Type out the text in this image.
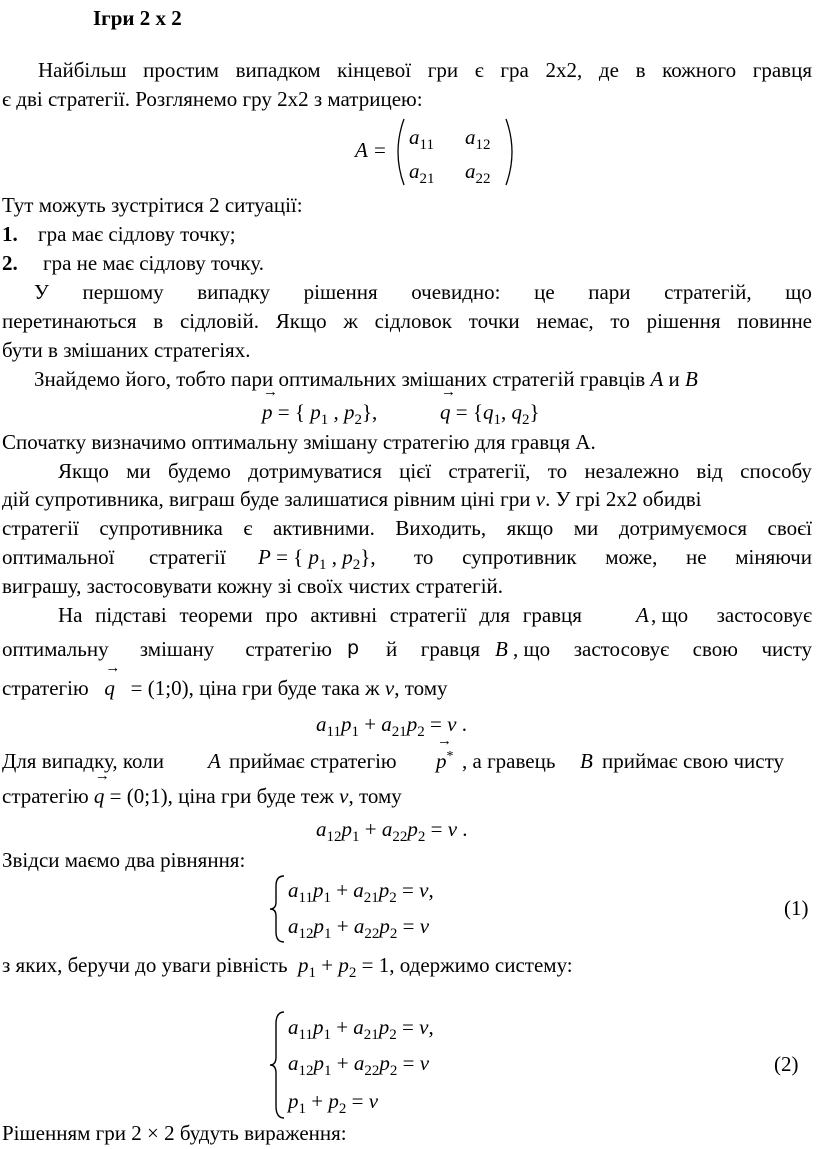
Ігри 2 x 2
Найбільш простим випадком кінцевої гри є гра 2х2, де в кожного гравця
є дві стратегії. Розглянемо гру 2х2 з матрицею:
A =
$a_{11}$ $a_{12}$
$a_{21}$ $a_{22}$
Тут можуть зустрітися 2 ситуації:
1. гра має сідлову точку;
2. гра не має сідлову точку.
У першому випадку рішення очевидно: це пари стратегій, що
перетинаються в сідловій. Якщо ж сідловок точки немає, то рішення повинне
бути в змішаних стратегіях.
Знайдемо його, тобто пари оптимальних змішаних стратегій гравців A и B
→ p = { $p_1$ , $p_2$},	→ $q = \{q_1$, $q_2$}
Спочатку визначимо оптимальну змішану стратегію для гравця А.
Якщо ми будемо дотримуватися цієї стратегії, то незалежно від способу
дій супротивника, виграш буде залишатися рівним ціні гри ν. У грі 2х2 обидві
стратегії супротивника є активними. Виходить, якщо ми дотримуємося своєї
оптимальної стратегії P = { $p_1$ , $p_2$}, то супротивник може, не міняючи
виграшу, застосовувати кожну зі своїх чистих стратегій.
На підставі теореми про активні стратегії для гравця	A , що застосовує
оптимальну змішану стратегію p й гравця B , що застосовує свою чисту
стратегію → q = (1;0), ціна гри буде така ж ν, тому
$a_{11}p_1 + a_{21}p_2 = \nu$ .
Для випадку, коли A приймає стратегію → p* , а гравець B приймає свою чисту
стратегію → q = (0;1), ціна гри буде теж ν, тому
$a_{12}p_1 + a_{22}p_2 = \nu$ .
Звідси маємо два рівняння:
$a_{11}p_1 + a_{21}p_2 = \nu$,
$a_{12}p_1 + a_{22}p_2 = \nu$
(1)
з яких, беручи до уваги рівність $p_1 + p_2 = 1$, одержимо систему:
$a_{11}p_1 + a_{21}p_2 = \nu$,
$a_{12}p_1 + a_{22}p_2 = \nu$
$p_1 + p_2 = \nu$
(2)
Рішенням гри 2 × 2 будуть вираження:
